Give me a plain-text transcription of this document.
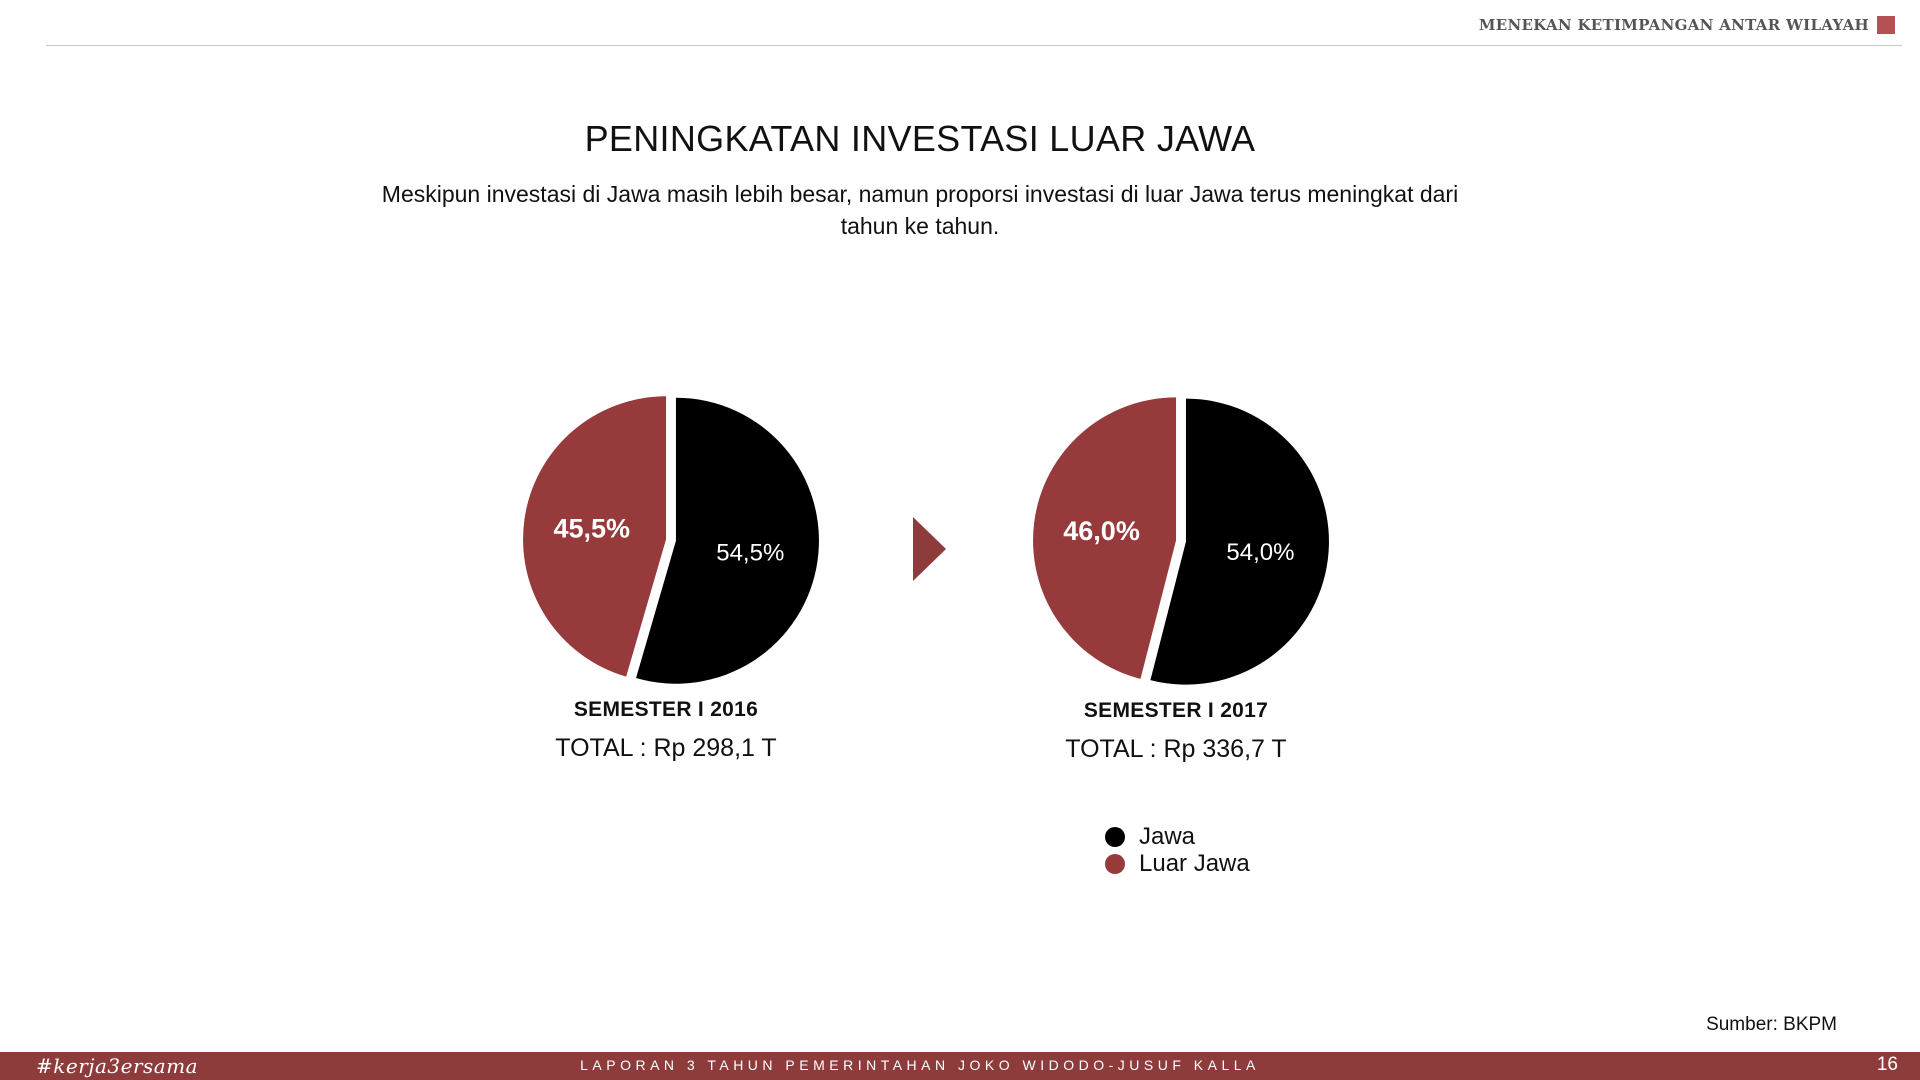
MENEKAN KETIMPANGAN ANTAR WILAYAH
PENINGKATAN INVESTASI LUAR JAWA
Meskipun investasi di Jawa masih lebih besar, namun proporsi investasi di luar Jawa terus meningkat dari tahun ke tahun.
54,5%
45,5%
54,0%
46,0%
SEMESTER I 2016
TOTAL : Rp 298,1 T
SEMESTER I 2017
TOTAL : Rp 336,7 T
Jawa
Luar Jawa
Sumber: BKPM
#kerja3ersama	LAPORAN 3 TAHUN PEMERINTAHAN JOKO WIDODO-JUSUF KALLA	16
